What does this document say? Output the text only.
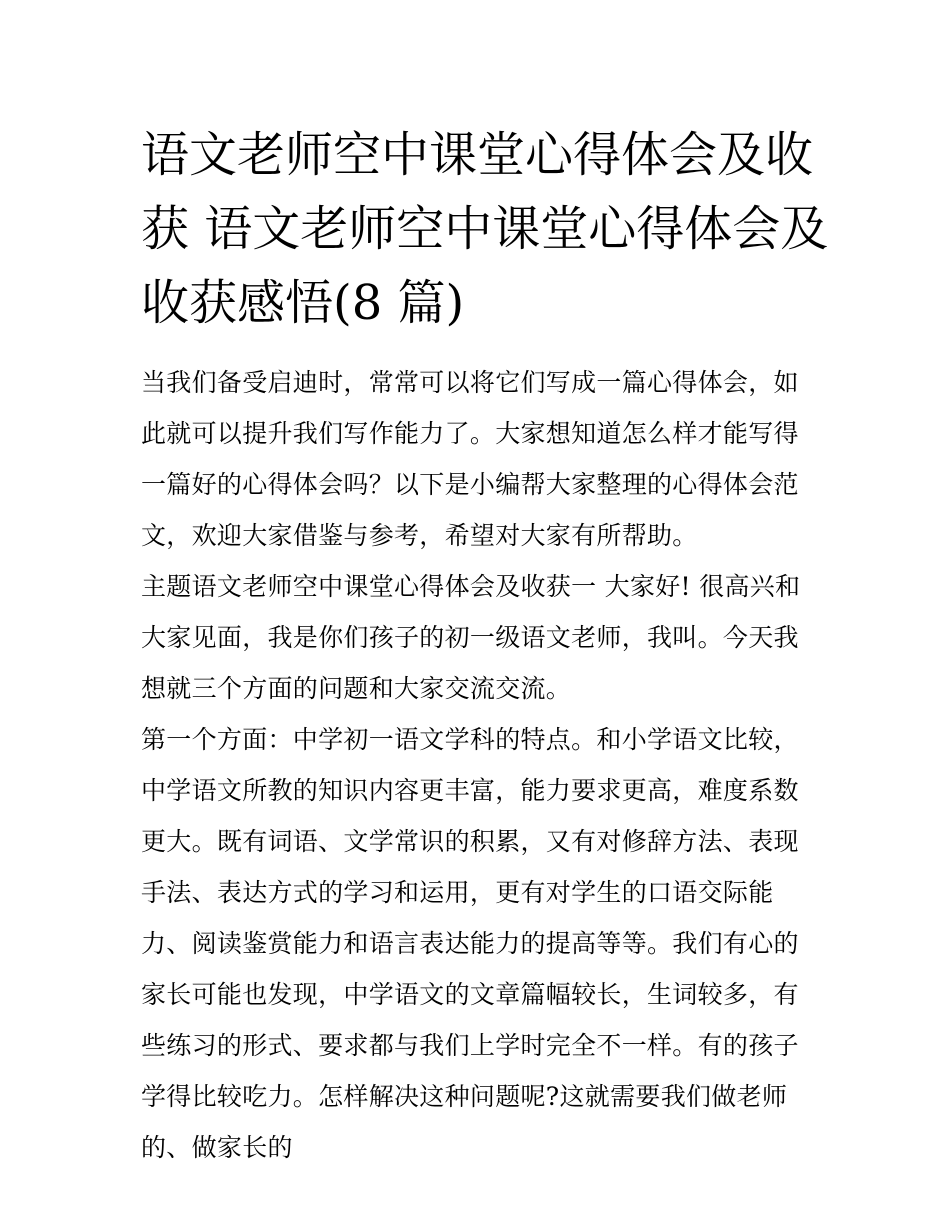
语文老师空中课堂心得体会及收获 语文老师空中课堂心得体会及收获感悟(8 篇)

当我们备受启迪时，常常可以将它们写成一篇心得体会，如此就可以提升我们写作能力了。大家想知道怎么样才能写得一篇好的心得体会吗？以下是小编帮大家整理的心得体会范文，欢迎大家借鉴与参考，希望对大家有所帮助。

主题语文老师空中课堂心得体会及收获一 大家好! 很高兴和大家见面，我是你们孩子的初一级语文老师，我叫。今天我想就三个方面的问题和大家交流交流。

第一个方面：中学初一语文学科的特点。和小学语文比较，中学语文所教的知识内容更丰富，能力要求更高，难度系数更大。既有词语、文学常识的积累，又有对修辞方法、表现手法、表达方式的学习和运用，更有对学生的口语交际能力、阅读鉴赏能力和语言表达能力的提高等等。我们有心的家长可能也发现，中学语文的文章篇幅较长，生词较多，有些练习的形式、要求都与我们上学时完全不一样。有的孩子学得比较吃力。怎样解决这种问题呢?这就需要我们做老师的、做家长的
